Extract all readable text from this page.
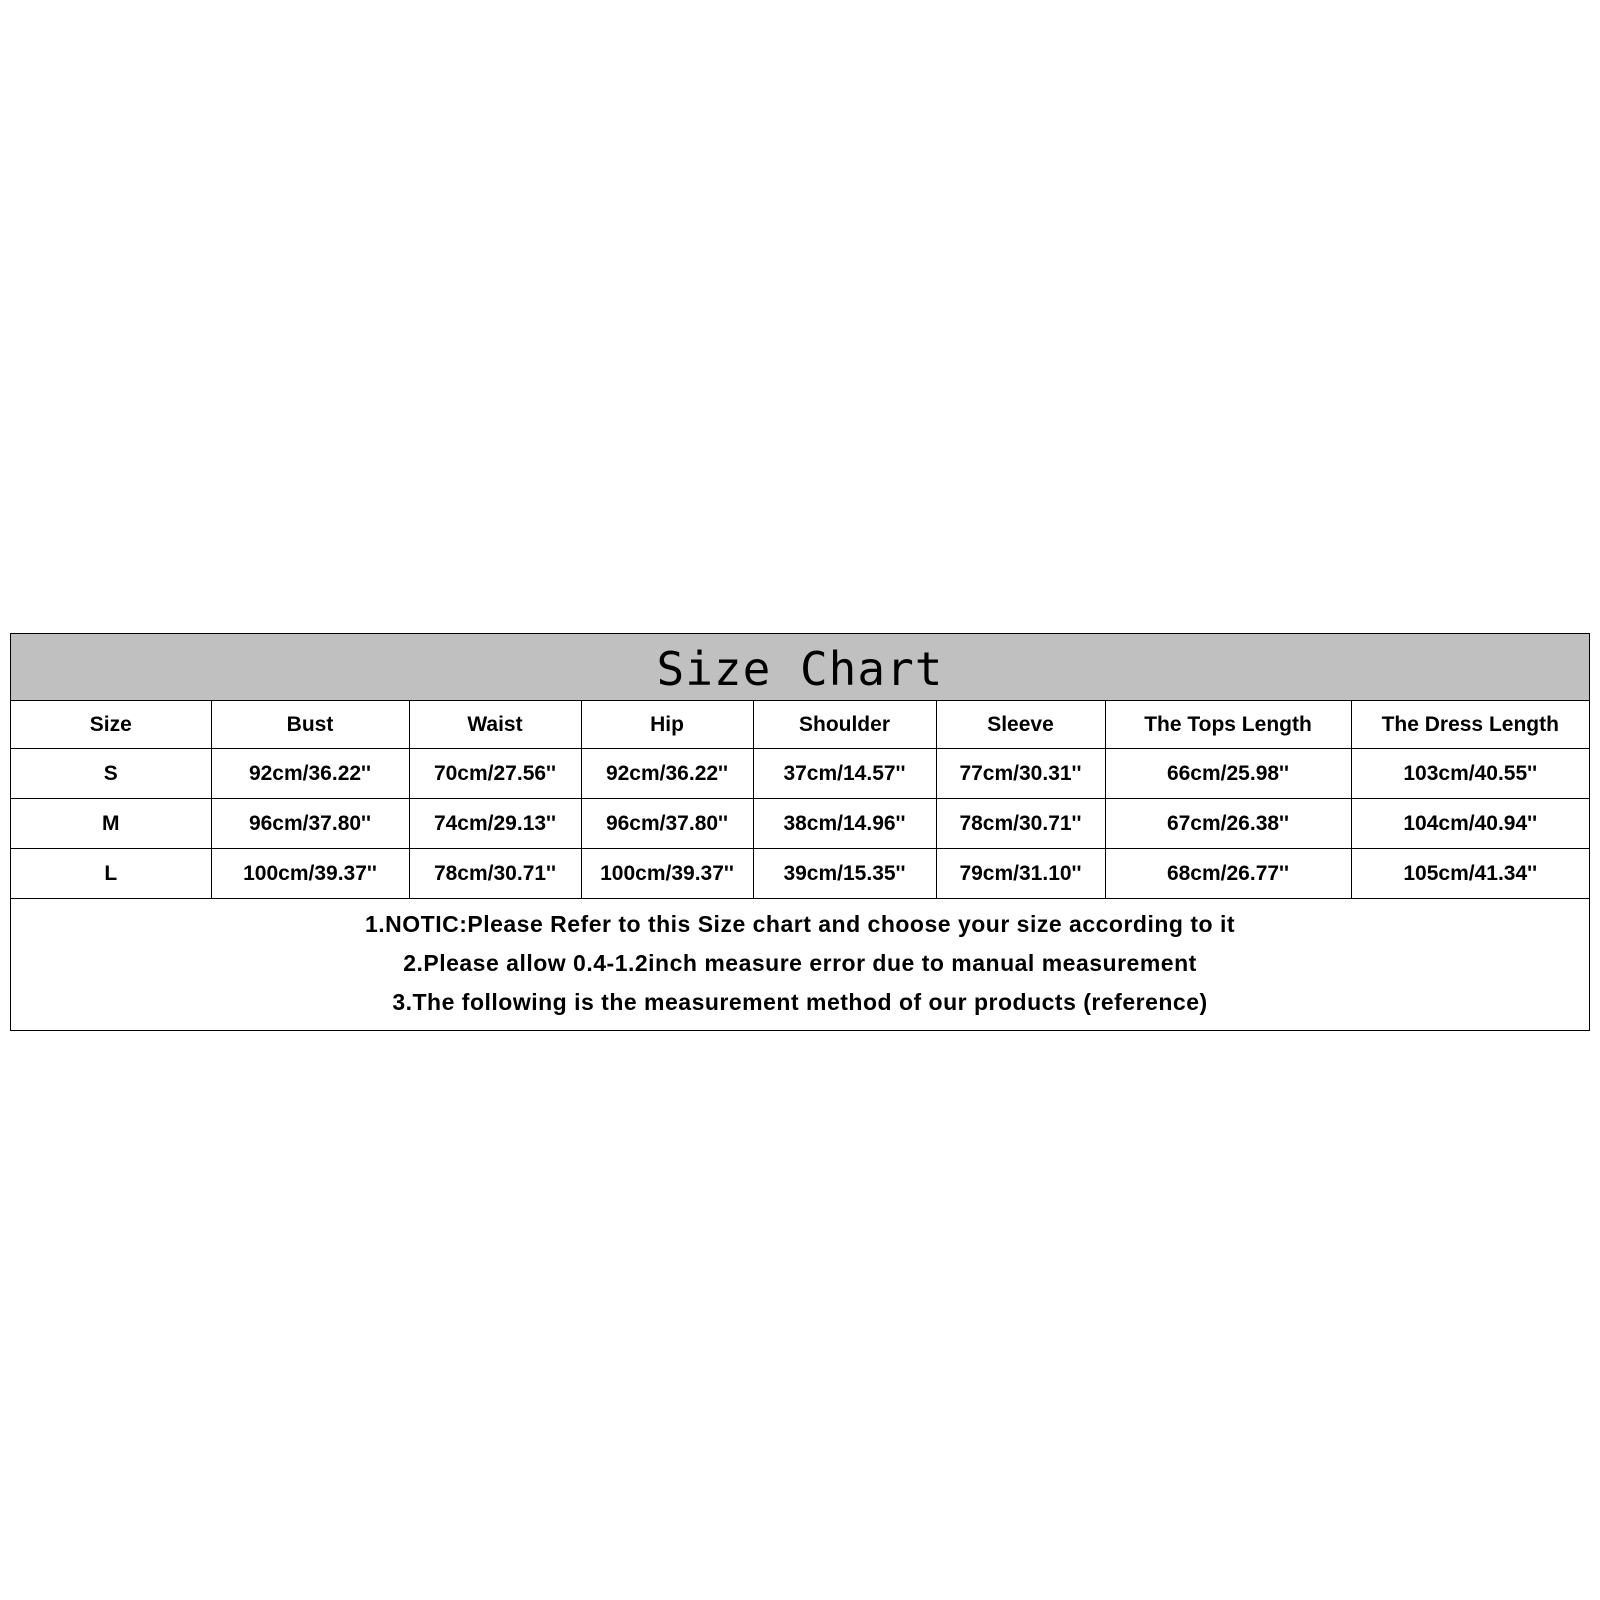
Size Chart
Size	Bust	Waist	Hip	Shoulder	Sleeve	The Tops Length	The Dress Length
S	92cm/36.22''	70cm/27.56''	92cm/36.22''	37cm/14.57''	77cm/30.31''	66cm/25.98''	103cm/40.55''
M	96cm/37.80''	74cm/29.13''	96cm/37.80''	38cm/14.96''	78cm/30.71''	67cm/26.38''	104cm/40.94''
L	100cm/39.37''	78cm/30.71''	100cm/39.37''	39cm/15.35''	79cm/31.10''	68cm/26.77''	105cm/41.34''
1.NOTIC:Please Refer to this Size chart and choose your size according to it
2.Please allow 0.4-1.2inch measure error due to manual measurement
3.The following is the measurement method of our products (reference)
